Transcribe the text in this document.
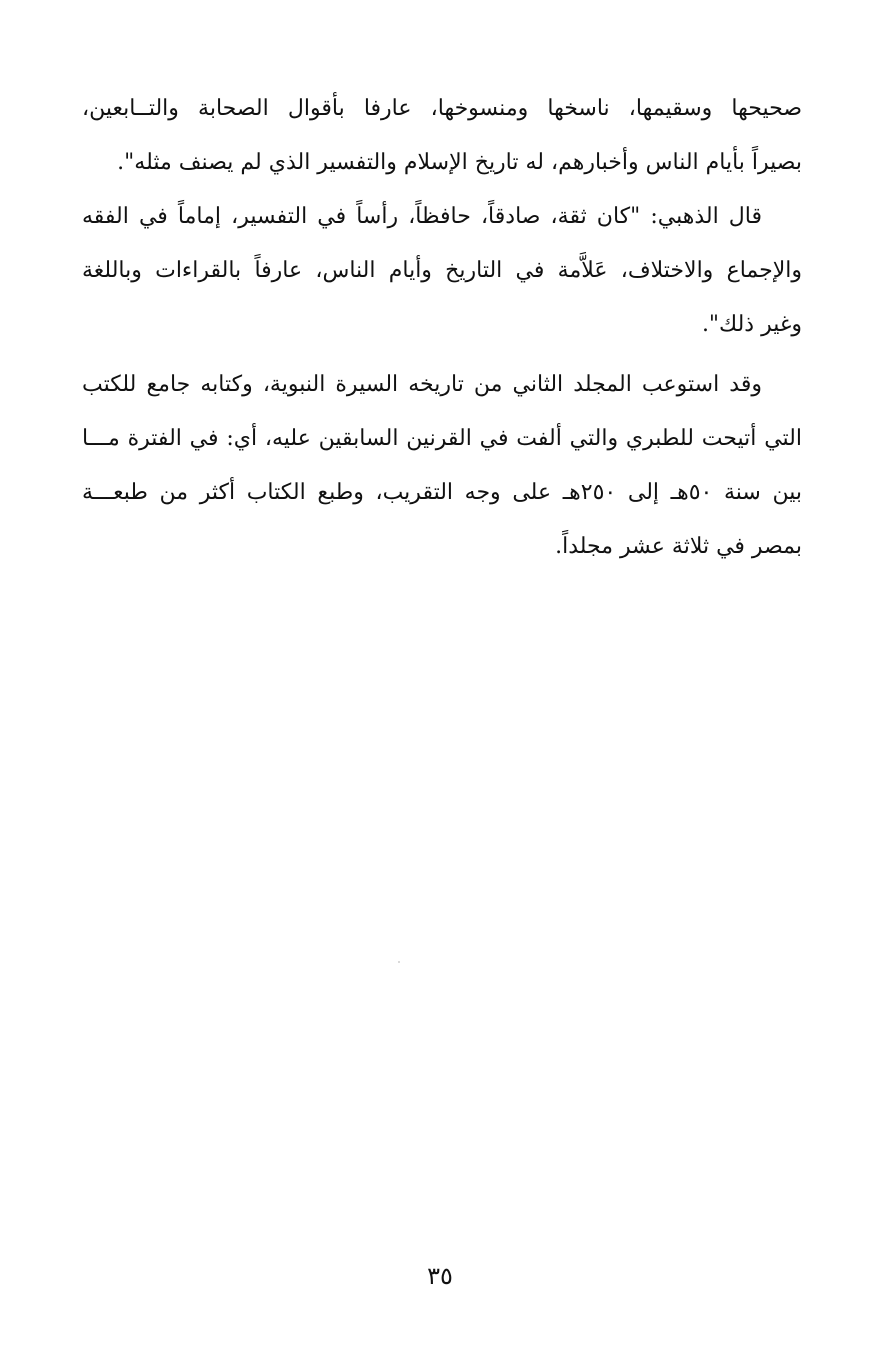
صحيحها وسقيمها، ناسخها ومنسوخها، عارفا بأقوال الصحابة والتــابعين،
بصيراً بأيام الناس وأخبارهم، له تاريخ الإسلام والتفسير الذي لم يصنف مثله".
قال الذهبي: "كان ثقة، صادقاً، حافظاً، رأساً في التفسير، إماماً في الفقه
والإجماع والاختلاف، عَلاَّمة في التاريخ وأيام الناس، عارفاً بالقراءات وباللغة
وغير ذلك".
وقد استوعب المجلد الثاني من تاريخه السيرة النبوية، وكتابه جامع للكتب
التي أتيحت للطبري والتي ألفت في القرنين السابقين عليه، أي: في الفترة مـــا
بين سنة ٥٠هـ إلى ٢٥٠هـ على وجه التقريب، وطبع الكتاب أكثر من طبعـــة
بمصر في ثلاثة عشر مجلداً.
٣٥
